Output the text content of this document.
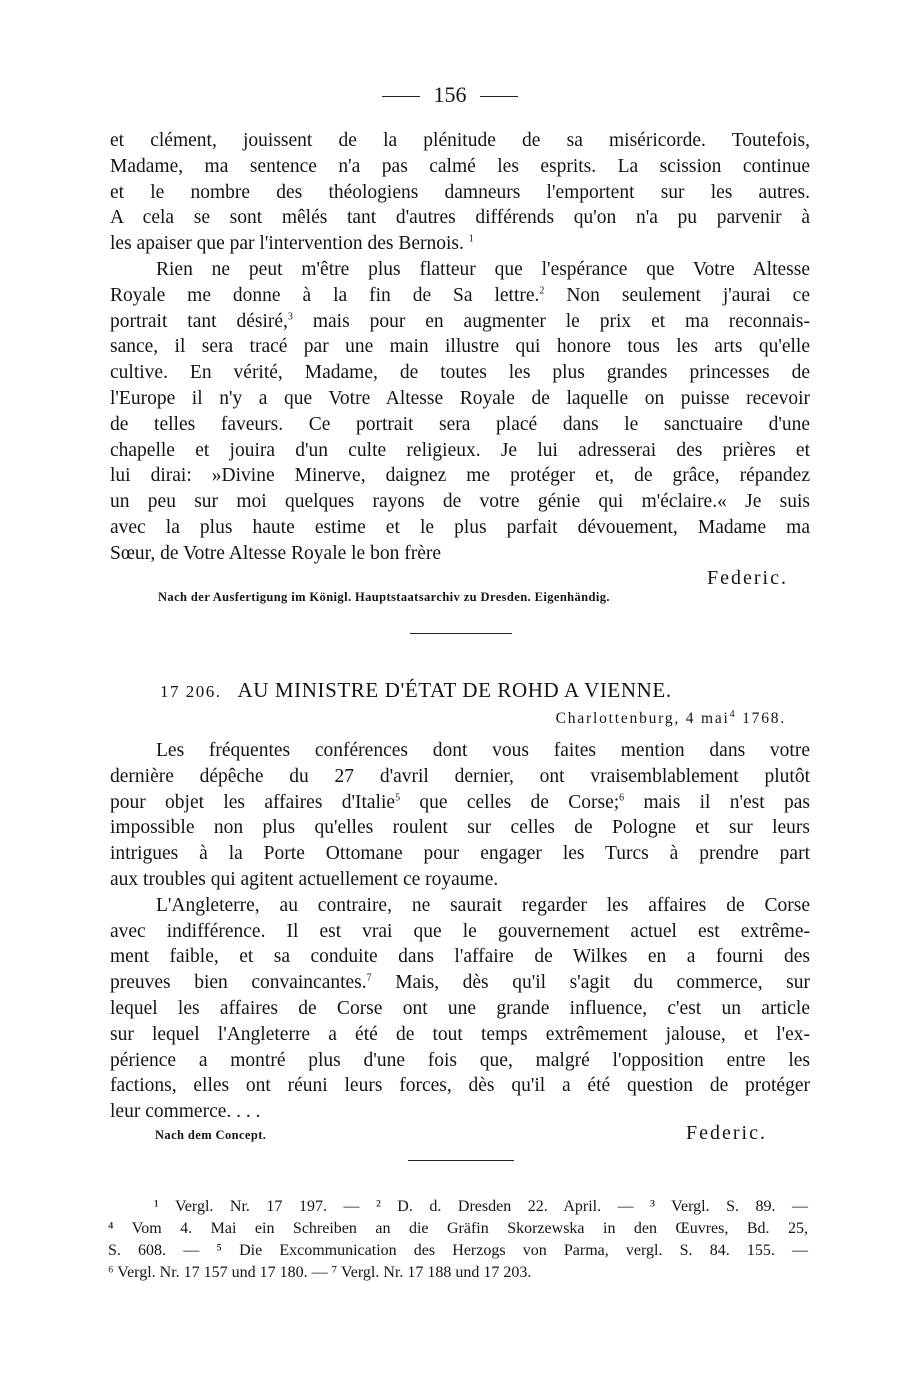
156
et clément, jouissent de la plénitude de sa miséricorde. Toutefois,
Madame, ma sentence n'a pas calmé les esprits. La scission continue
et le nombre des théologiens damneurs l'emportent sur les autres.
A cela se sont mêlés tant d'autres différends qu'on n'a pu parvenir à
les apaiser que par l'intervention des Bernois. $^1$
Rien ne peut m'être plus flatteur que l'espérance que Votre Altesse
Royale me donne à la fin de Sa lettre.$^2$ Non seulement j'aurai ce
portrait tant désiré,$^3$ mais pour en augmenter le prix et ma reconnais-
sance, il sera tracé par une main illustre qui honore tous les arts qu'elle
cultive. En vérité, Madame, de toutes les plus grandes princesses de
l'Europe il n'y a que Votre Altesse Royale de laquelle on puisse recevoir
de telles faveurs. Ce portrait sera placé dans le sanctuaire d'une
chapelle et jouira d'un culte religieux. Je lui adresserai des prières et
lui dirai: »Divine Minerve, daignez me protéger et, de grâce, répandez
un peu sur moi quelques rayons de votre génie qui m'éclaire.« Je suis
avec la plus haute estime et le plus parfait dévouement, Madame ma
Sœur, de Votre Altesse Royale le bon frère

Federic.

Nach der Ausfertigung im Königl. Hauptstaatsarchiv zu Dresden. Eigenhändig.

17 206. AU MINISTRE D'ÉTAT DE ROHD A VIENNE.
Charlottenburg, 4 mai$^4$ 1768.
Les fréquentes conférences dont vous faites mention dans votre
dernière dépêche du 27 d'avril dernier, ont vraisemblablement plutôt
pour objet les affaires d'Italie$^5$ que celles de Corse;$^6$ mais il n'est pas
impossible non plus qu'elles roulent sur celles de Pologne et sur leurs
intrigues à la Porte Ottomane pour engager les Turcs à prendre part
aux troubles qui agitent actuellement ce royaume.
L'Angleterre, au contraire, ne saurait regarder les affaires de Corse
avec indifférence. Il est vrai que le gouvernement actuel est extrême-
ment faible, et sa conduite dans l'affaire de Wilkes en a fourni des
preuves bien convaincantes.$^7$ Mais, dès qu'il s'agit du commerce, sur
lequel les affaires de Corse ont une grande influence, c'est un article
sur lequel l'Angleterre a été de tout temps extrêmement jalouse, et l'ex-
périence a montré plus d'une fois que, malgré l'opposition entre les
factions, elles ont réuni leurs forces, dès qu'il a été question de protéger
leur commerce. . . .
Nach dem Concept.	Federic.
¹ Vergl. Nr. 17 197. — ² D. d. Dresden 22. April. — ³ Vergl. S. 89. —
⁴ Vom 4. Mai ein Schreiben an die Gräfin Skorzewska in den Œuvres, Bd. 25,
S. 608. — ⁵ Die Excommunication des Herzogs von Parma, vergl. S. 84. 155. —
⁶ Vergl. Nr. 17 157 und 17 180. — ⁷ Vergl. Nr. 17 188 und 17 203.
